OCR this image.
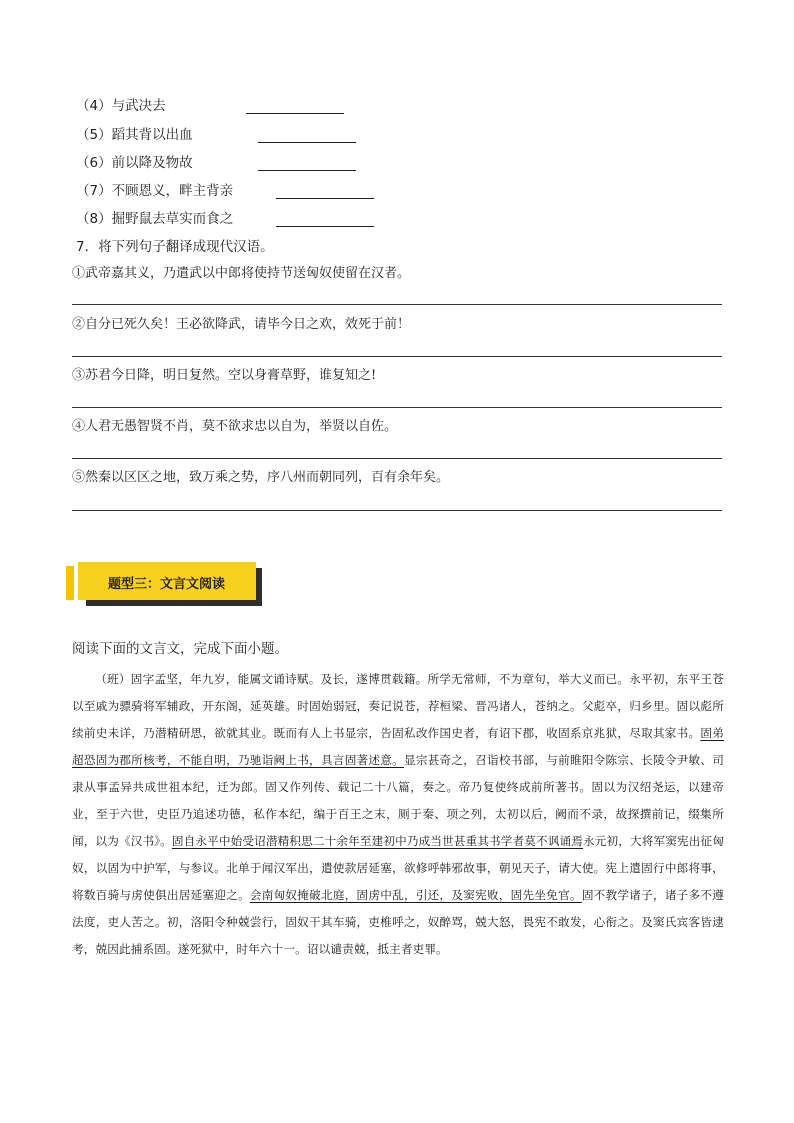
（4）与武决去
（5）蹈其背以出血
（6）前以降及物故
（7）不顾恩义，畔主背亲
（8）掘野鼠去草实而食之
7．将下列句子翻译成现代汉语。
①武帝嘉其义，乃遣武以中郎将使持节送匈奴使留在汉者。
②自分已死久矣！王必欲降武，请毕今日之欢，效死于前！
③苏君今日降，明日复然。空以身膏草野，谁复知之!
④人君无愚智贤不肖，莫不欲求忠以自为，举贤以自佐。
⑤然秦以区区之地，致万乘之势，序八州而朝同列，百有余年矣。
题型三：文言文阅读
阅读下面的文言文，完成下面小题。
（班）固字孟坚，年九岁，能属文诵诗赋。及长，遂博贯载籍。所学无常师，不为章句，举大义而已。永平初，东平王苍以至戚为骠骑将军辅政，开东阁，延英雄。时固始弱冠，奏记说苍，荐桓梁、晋冯诸人，苍纳之。父彪卒，归乡里。固以彪所续前史未详，乃潜精研思，欲就其业。既而有人上书显宗，告固私改作国史者，有诏下郡，收固系京兆狱，尽取其家书。固弟超恐固为郡所核考，不能自明，乃驰诣阙上书，具言固著述意。显宗甚奇之，召诣校书部，与前睢阳令陈宗、长陵令尹敏、司隶从事孟异共成世祖本纪，迁为郎。固又作列传、载记二十八篇，奏之。帝乃复使终成前所著书。固以为汉绍尧运，以建帝业，至于六世，史臣乃追述功德，私作本纪，编于百王之末，厕于秦、项之列，太初以后，阙而不录，故探撰前记，缀集所闻，以为《汉书》。固自永平中始受诏潜精积思二十余年至建初中乃成当世甚重其书学者莫不讽诵焉永元初，大将军窦宪出征匈奴，以固为中护军，与参议。北单于闻汉军出，遣使款居延塞，欲修呼韩邪故事，朝见天子，请大使。宪上遣固行中郎将事，将数百骑与虏使俱出居延塞迎之。会南匈奴掩破北庭，固虏中乱，引还，及窦宪败，固先坐免官。固不教学诸子，诸子多不遵法度，吏人苦之。初，洛阳令种兢尝行，固奴干其车骑，吏椎呼之，奴醉骂，兢大怒，畏宪不敢发，心衔之。及窦氏宾客皆逮考，兢因此捕系固。遂死狱中，时年六十一。诏以谴责兢，抵主者吏罪。
